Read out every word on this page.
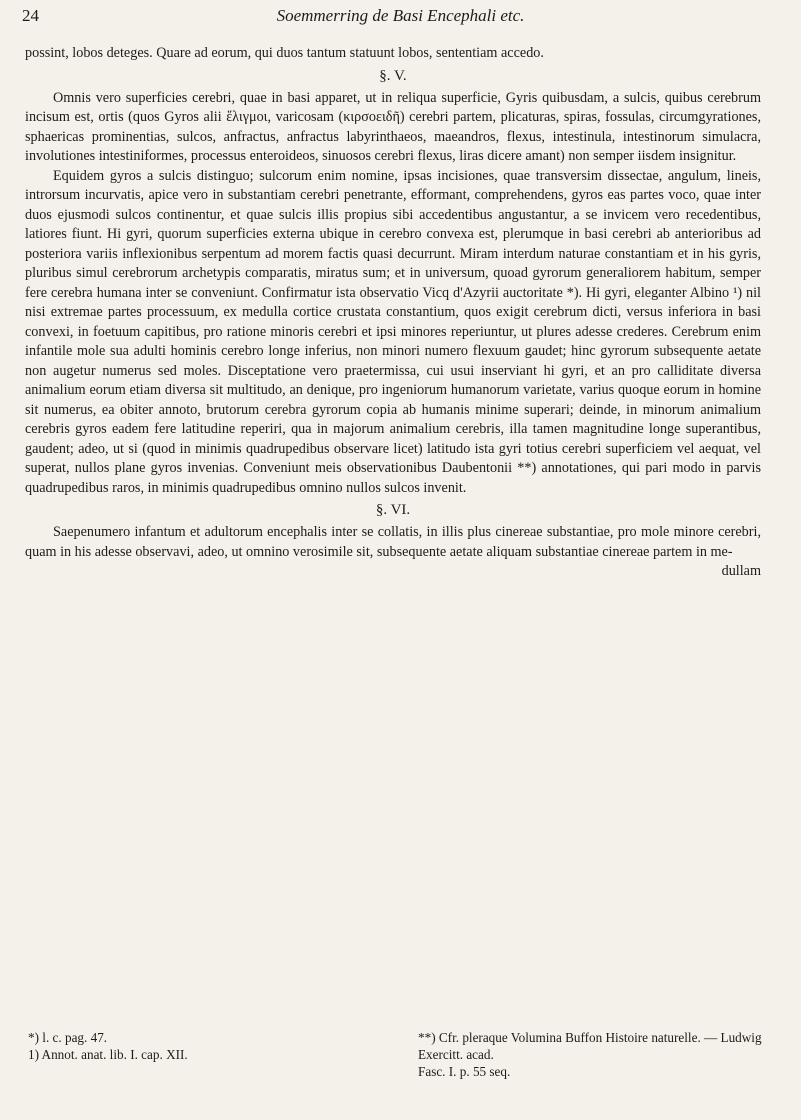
24	Soemmerring de Basi Encephali etc.

possint, lobos deteges. Quare ad eorum, qui duos tantum statuunt lobos, sententiam accedo.

§. V.

Omnis vero superficies cerebri, quae in basi apparet, ut in reliqua superficie, Gyris quibusdam, a sulcis, quibus cerebrum incisum est, ortis (quos Gyros alii ἕλιγμοι, varicosam (κιρσοειδῆ) cerebri partem, plicaturas, spiras, fossulas, circumgyrationes, sphaericas prominentias, sulcos, anfractus, anfractus labyrinthaeos, maeandros, flexus, intestinula, intestinorum simulacra, involutiones intestiniformes, processus enteroideos, sinuosos cerebri flexus, liras dicere amant) non semper iisdem insignitur.

Equidem gyros a sulcis distinguo; sulcorum enim nomine, ipsas incisiones, quae transversim dissectae, angulum, lineis, introrsum incurvatis, apice vero in substantiam cerebri penetrante, efformant, comprehendens, gyros eas partes voco, quae inter duos ejusmodi sulcos continentur, et quae sulcis illis propius sibi accedentibus angustantur, a se invicem vero recedentibus, latiores fiunt. Hi gyri, quorum superficies externa ubique in cerebro convexa est, plerumque in basi cerebri ab anterioribus ad posteriora variis inflexionibus serpentum ad morem factis quasi decurrunt. Miram interdum naturae constantiam et in his gyris, pluribus simul cerebrorum archetypis comparatis, miratus sum; et in universum, quoad gyrorum generaliorem habitum, semper fere cerebra humana inter se conveniunt. Confirmatur ista observatio Vicq d'Azyrii auctoritate *). Hi gyri, eleganter Albino ¹) nil nisi extremae partes processuum, ex medulla cortice crustata constantium, quos exigit cerebrum dicti, versus inferiora in basi convexi, in foetuum capitibus, pro ratione minoris cerebri et ipsi minores reperiuntur, ut plures adesse crederes. Cerebrum enim infantile mole sua adulti hominis cerebro longe inferius, non minori numero flexuum gaudet; hinc gyrorum subsequente aetate non augetur numerus sed moles. Disceptatione vero praetermissa, cui usui inserviant hi gyri, et an pro calliditate diversa animalium eorum etiam diversa sit multitudo, an denique, pro ingeniorum humanorum varietate, varius quoque eorum in homine sit numerus, ea obiter annoto, brutorum cerebra gyrorum copia ab humanis minime superari; deinde, in minorum animalium cerebris gyros eadem fere latitudine reperiri, qua in majorum animalium cerebris, illa tamen magnitudine longe superantibus, gaudent; adeo, ut si (quod in minimis quadrupedibus observare licet) latitudo ista gyri totius cerebri superficiem vel aequat, vel superat, nullos plane gyros invenias. Conveniunt meis observationibus Daubentonii **) annotationes, qui pari modo in parvis quadrupedibus raros, in minimis quadrupedibus omnino nullos sulcos invenit.

§. VI.

Saepenumero infantum et adultorum encephalis inter se collatis, in illis plus cinereae substantiae, pro mole minore cerebri, quam in his adesse observavi, adeo, ut omnino verosimile sit, subsequente aetate aliquam substantiae cinereae partem in me-

dullam
*) l. c. pag. 47.
1) Annot. anat. lib. I. cap. XII.
**) Cfr. pleraque Volumina Buffon Histoire naturelle. — Ludwig Exercitt. acad.
Fasc. I. p. 55 seq.
